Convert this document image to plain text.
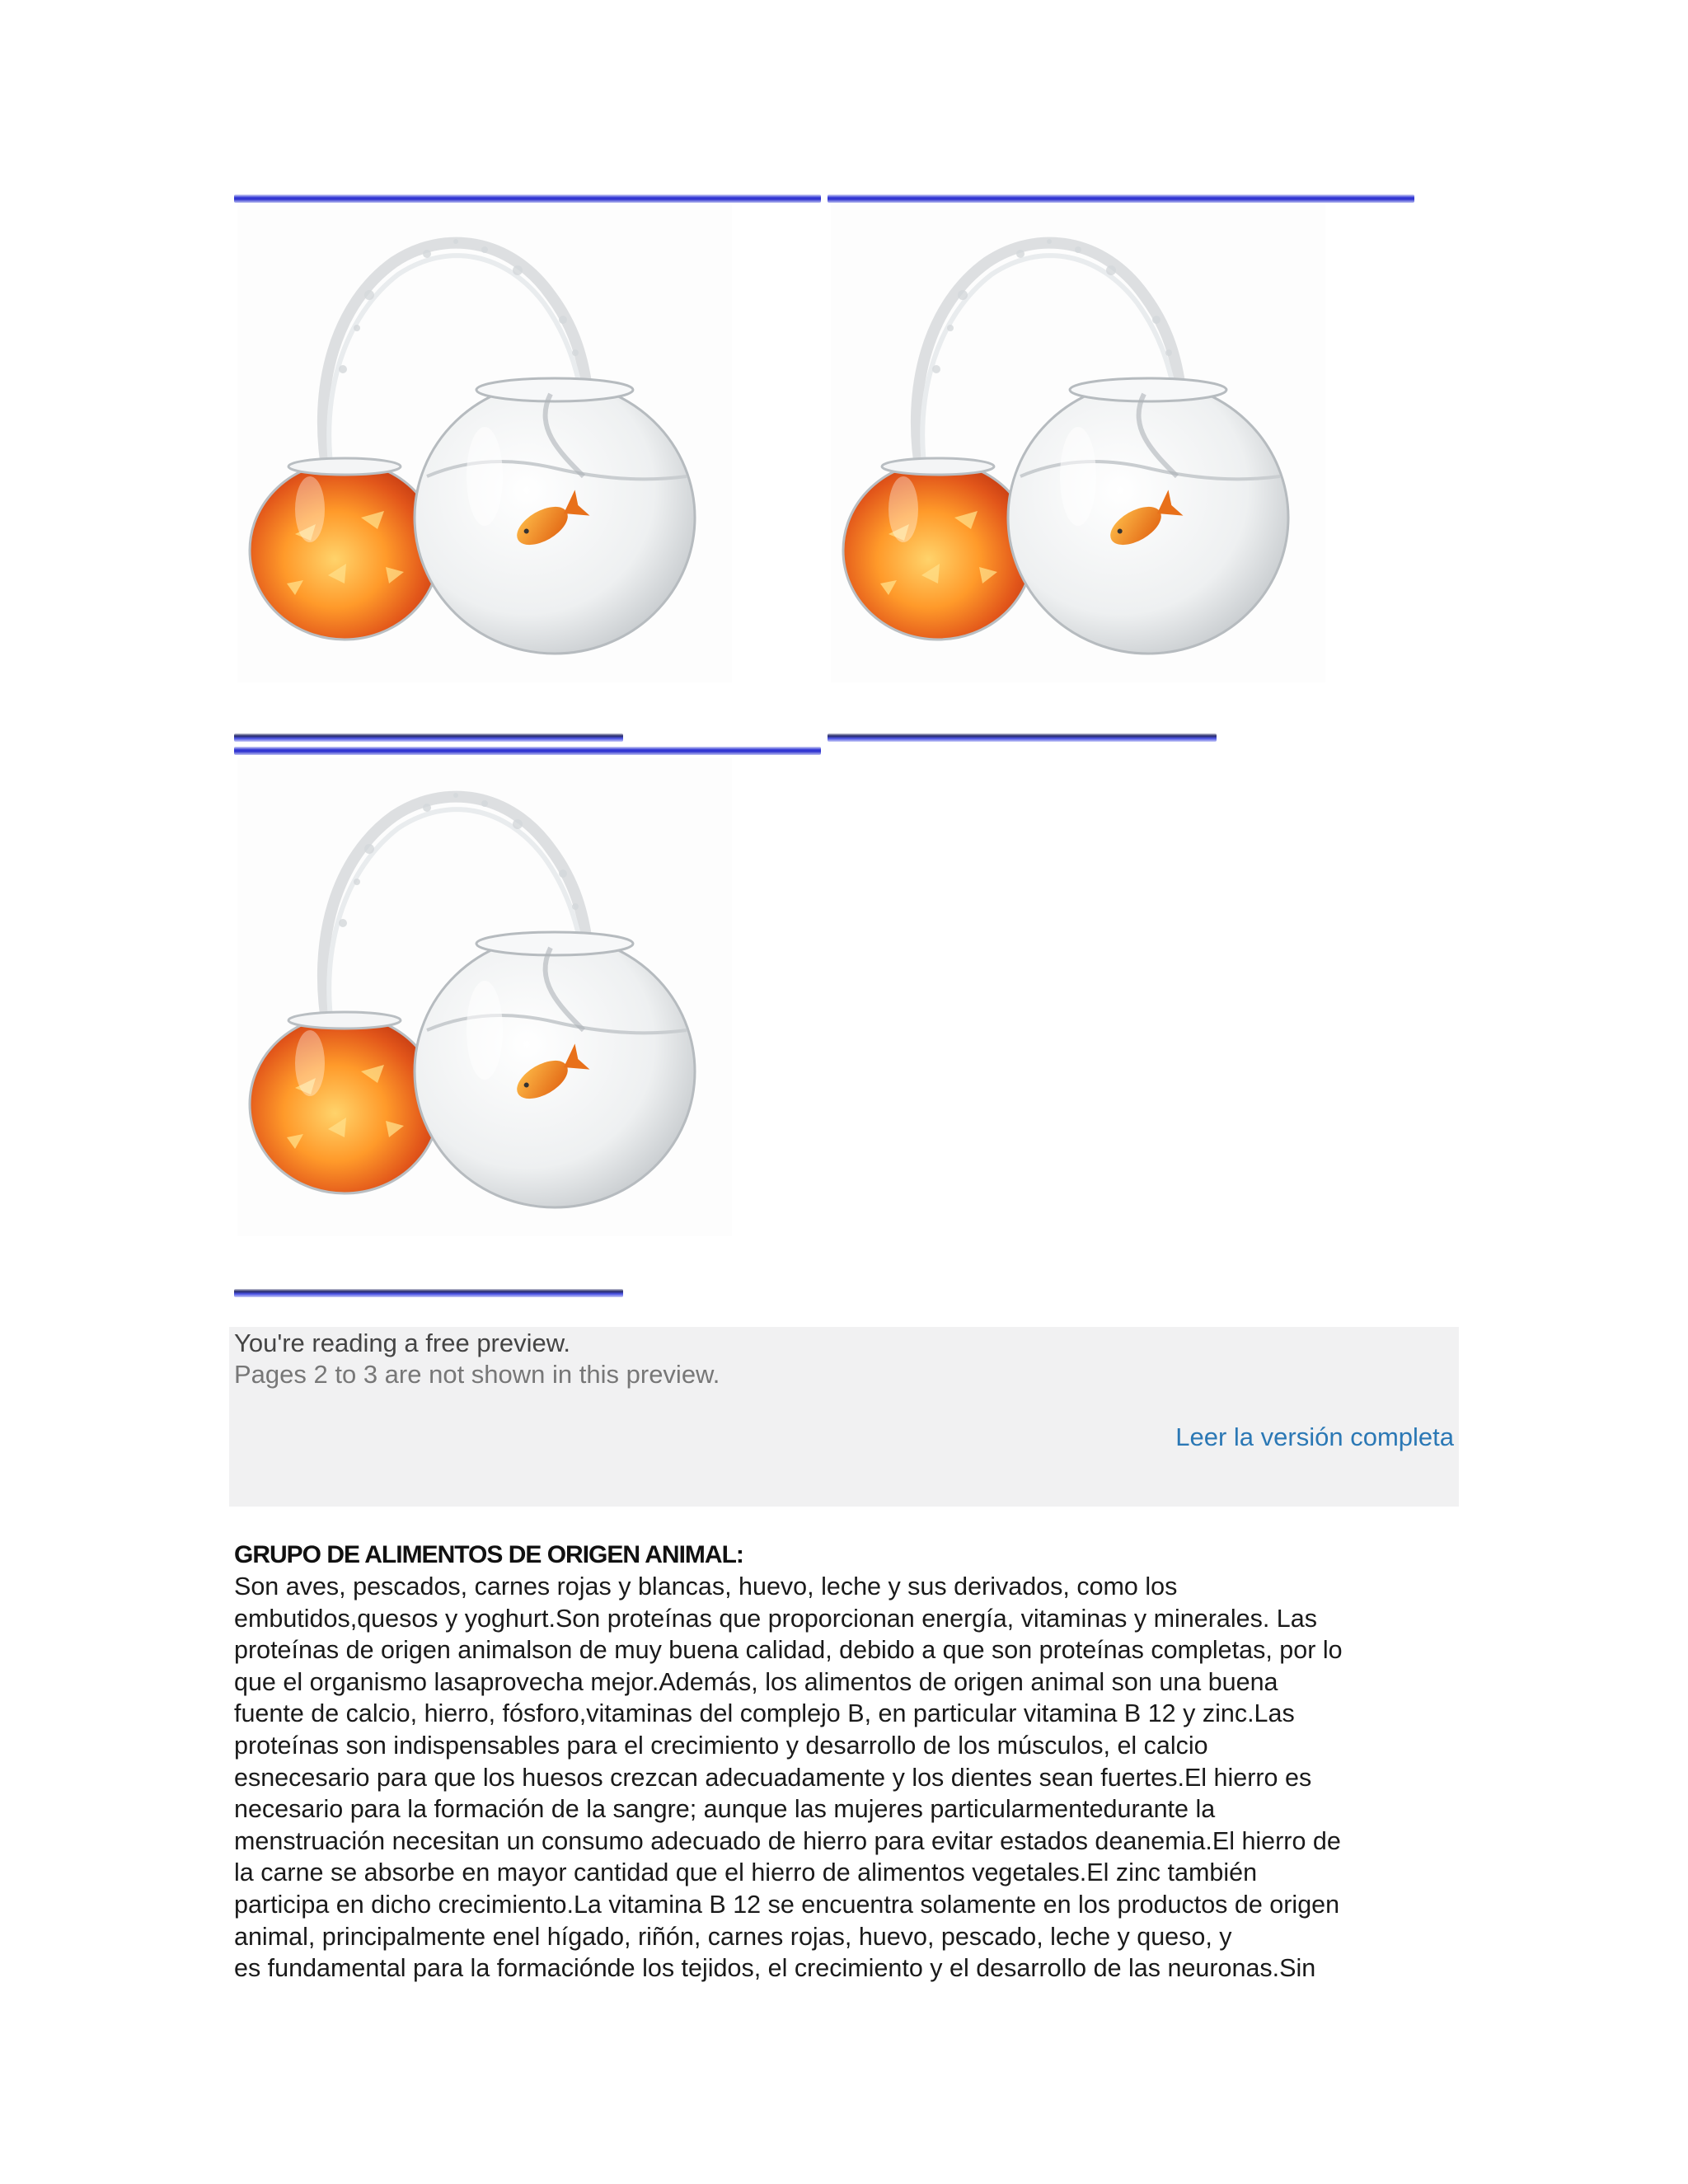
You're reading a free preview.
Pages 2 to 3 are not shown in this preview.
Leer la versión completa
GRUPO DE ALIMENTOS DE ORIGEN ANIMAL:
Son aves, pescados, carnes rojas y blancas, huevo, leche y sus derivados, como los
embutidos,quesos y yoghurt.Son proteínas que proporcionan energía, vitaminas y minerales. Las
proteínas de origen animalson de muy buena calidad, debido a que son proteínas completas, por lo
que el organismo lasaprovecha mejor.Además, los alimentos de origen animal son una buena
fuente de calcio, hierro, fósforo,vitaminas del complejo B, en particular vitamina B 12 y zinc.Las
proteínas son indispensables para el crecimiento y desarrollo de los músculos, el calcio
esnecesario para que los huesos crezcan adecuadamente y los dientes sean fuertes.El hierro es
necesario para la formación de la sangre; aunque las mujeres particularmentedurante la
menstruación necesitan un consumo adecuado de hierro para evitar estados deanemia.El hierro de
la carne se absorbe en mayor cantidad que el hierro de alimentos vegetales.El zinc también
participa en dicho crecimiento.La vitamina B 12 se encuentra solamente en los productos de origen
animal, principalmente enel hígado, riñón, carnes rojas, huevo, pescado, leche y queso, y
es fundamental para la formaciónde los tejidos, el crecimiento y el desarrollo de las neuronas.Sin
